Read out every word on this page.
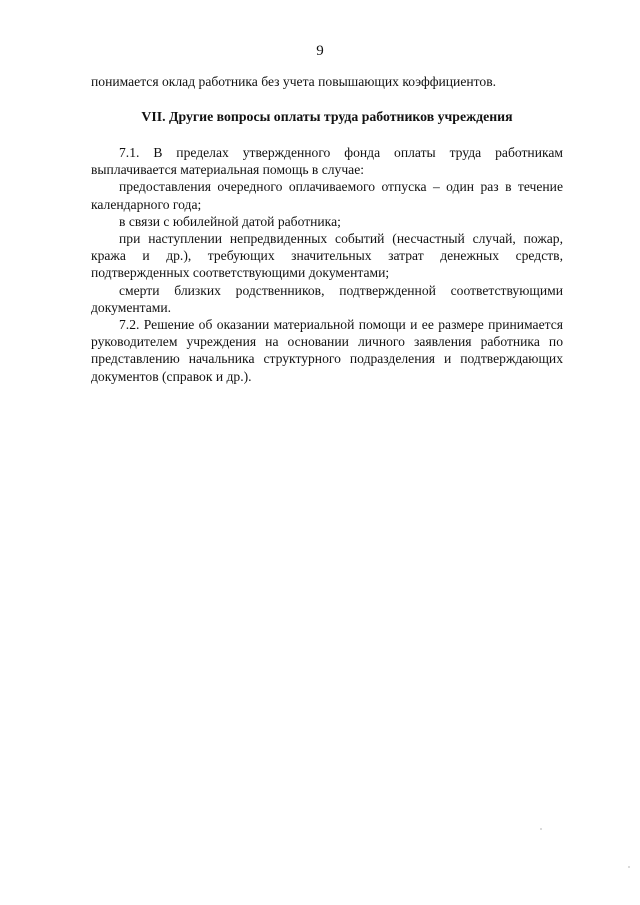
9
понимается оклад работника без учета повышающих коэффициентов.
VII. Другие вопросы оплаты труда работников учреждения

7.1. В пределах утвержденного фонда оплаты труда работникам выплачивается материальная помощь в случае:

предоставления очередного оплачиваемого отпуска – один раз в течение календарного года;

в связи с юбилейной датой работника;

при наступлении непредвиденных событий (несчастный случай, пожар, кража и др.), требующих значительных затрат денежных средств, подтвержденных соответствующими документами;

смерти близких родственников, подтвержденной соответствующими документами.

7.2. Решение об оказании материальной помощи и ее размере принимается руководителем учреждения на основании личного заявления работника по представлению начальника структурного подразделения и подтверждающих документов (справок и др.).
